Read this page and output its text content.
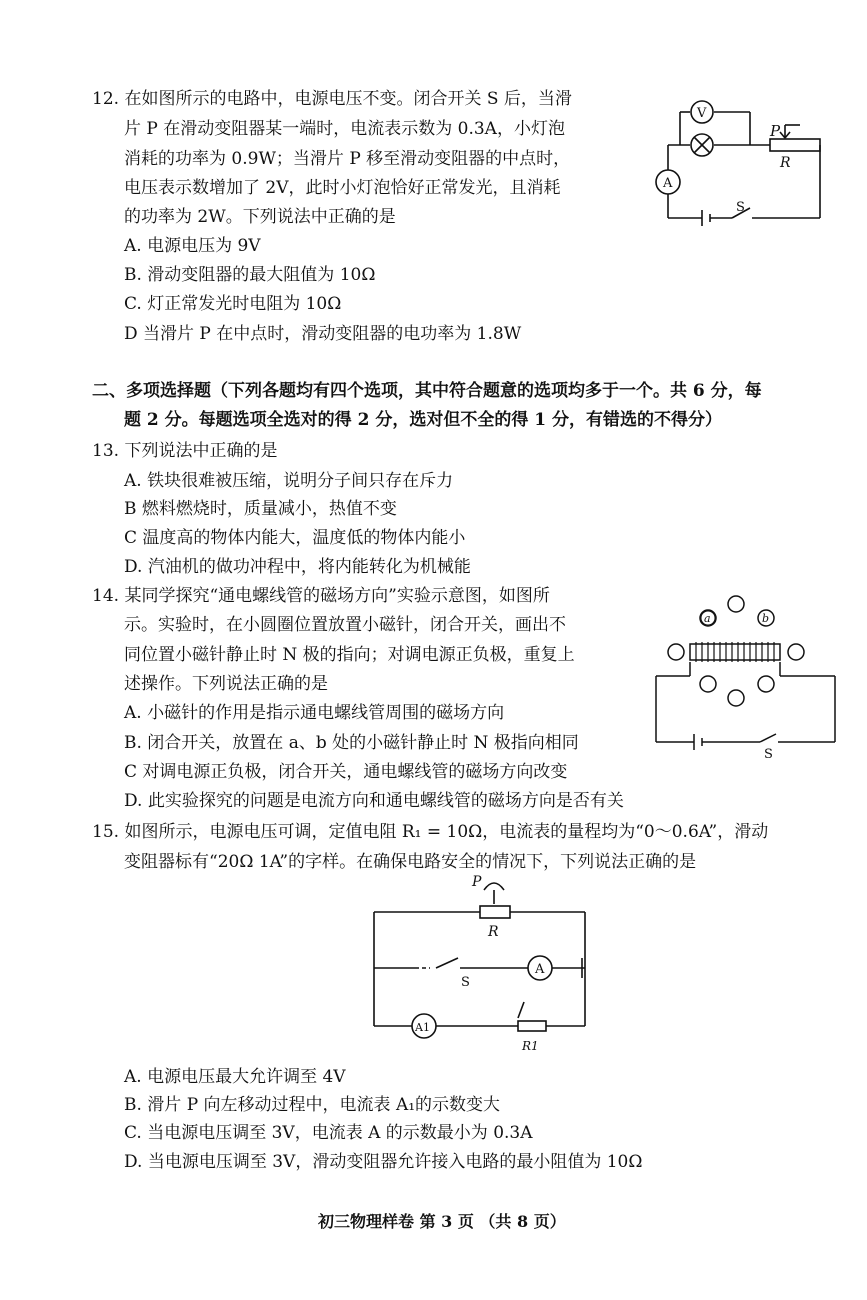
12. 在如图所示的电路中，电源电压不变。闭合开关 S 后，当滑
片 P 在滑动变阻器某一端时，电流表示数为 0.3A，小灯泡
消耗的功率为 0.9W；当滑片 P 移至滑动变阻器的中点时，
电压表示数增加了 2V，此时小灯泡恰好正常发光，且消耗
的功率为 2W。下列说法中正确的是
A. 电源电压为 9V
B. 滑动变阻器的最大阻值为 10Ω
C. 灯正常发光时电阻为 10Ω
D 当滑片 P 在中点时，滑动变阻器的电功率为 1.8W
V
A
P
R
S
二、多项选择题（下列各题均有四个选项，其中符合题意的选项均多于一个。共 6 分，每
题 2 分。每题选项全选对的得 2 分，选对但不全的得 1 分，有错选的不得分）
13. 下列说法中正确的是
A. 铁块很难被压缩，说明分子间只存在斥力
B 燃料燃烧时，质量减小，热值不变
C 温度高的物体内能大，温度低的物体内能小
D. 汽油机的做功冲程中，将内能转化为机械能
14. 某同学探究“通电螺线管的磁场方向”实验示意图，如图所
示。实验时，在小圆圈位置放置小磁针，闭合开关，画出不
同位置小磁针静止时 N 极的指向；对调电源正负极，重复上
述操作。下列说法正确的是
A. 小磁针的作用是指示通电螺线管周围的磁场方向
B. 闭合开关，放置在 a、b 处的小磁针静止时 N 极指向相同
C 对调电源正负极，闭合开关，通电螺线管的磁场方向改变
D. 此实验探究的问题是电流方向和通电螺线管的磁场方向是否有关
a	b
S
15. 如图所示，电源电压可调，定值电阻 R₁ = 10Ω，电流表的量程均为“0～0.6A”，滑动
变阻器标有“20Ω 1A”的字样。在确保电路安全的情况下，下列说法正确的是
P
R
S
A
A1
R1
A. 电源电压最大允许调至 4V
B. 滑片 P 向左移动过程中，电流表 A₁的示数变大
C. 当电源电压调至 3V，电流表 A 的示数最小为 0.3A
D. 当电源电压调至 3V，滑动变阻器允许接入电路的最小阻值为 10Ω
初三物理样卷 第 3 页 （共 8 页）
